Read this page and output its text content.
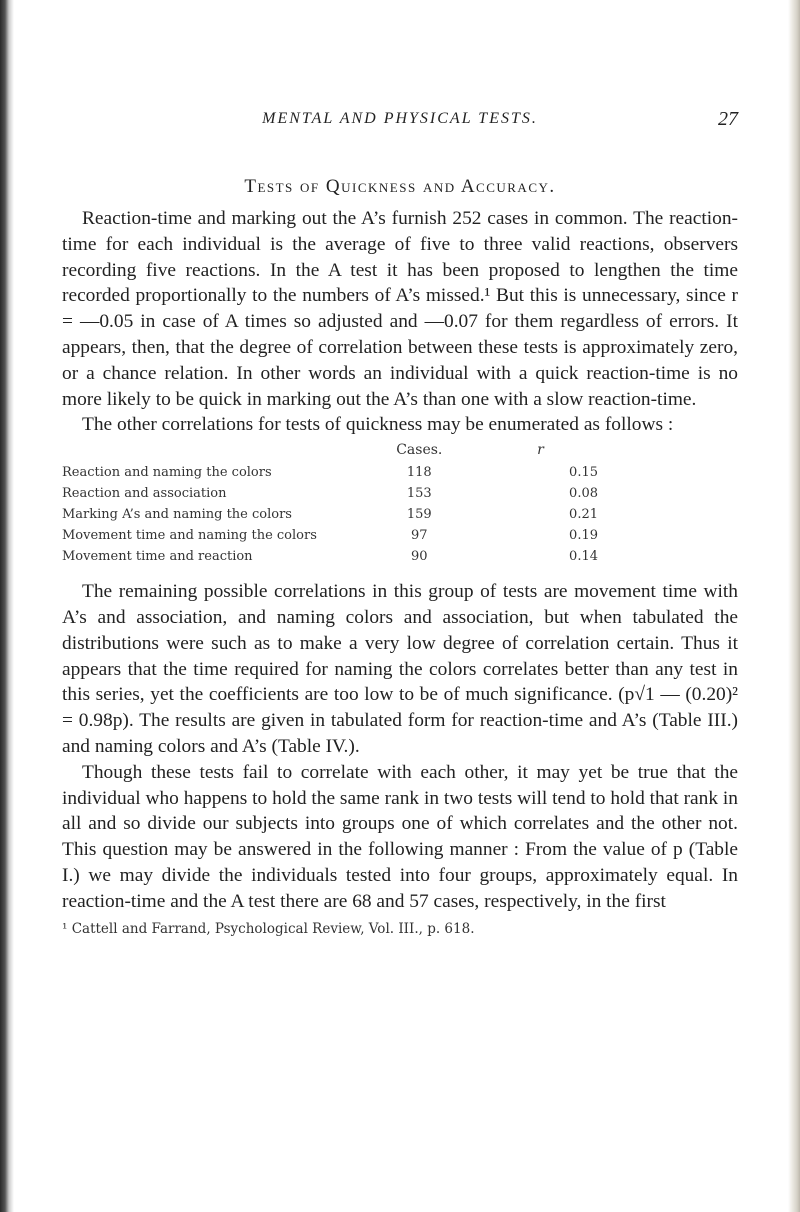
MENTAL AND PHYSICAL TESTS.	27
Tests of Quickness and Accuracy.

Reaction-time and marking out the A’s furnish 252 cases in common. The reaction-time for each individual is the average of five to three valid reactions, observers recording five reactions. In the A test it has been proposed to lengthen the time recorded proportionally to the numbers of A’s missed.¹ But this is unnecessary, since r = —0.05 in case of A times so adjusted and —0.07 for them regardless of errors. It appears, then, that the degree of correlation between these tests is approximately zero, or a chance relation. In other words an individual with a quick reaction-time is no more likely to be quick in marking out the A’s than one with a slow reaction-time.

The other correlations for tests of quickness may be enumerated as follows :

	Cases.	r
Reaction and naming the colors	118	0.15
Reaction and association	153	0.08
Marking A’s and naming the colors	159	0.21
Movement time and naming the colors	97	0.19
Movement time and reaction	90	0.14

The remaining possible correlations in this group of tests are movement time with A’s and association, and naming colors and association, but when tabulated the distributions were such as to make a very low degree of correlation certain. Thus it appears that the time required for naming the colors correlates better than any test in this series, yet the coefficients are too low to be of much significance. (p√1 — (0.20)² = 0.98p). The results are given in tabulated form for reaction-time and A’s (Table III.) and naming colors and A’s (Table IV.).

Though these tests fail to correlate with each other, it may yet be true that the individual who happens to hold the same rank in two tests will tend to hold that rank in all and so divide our subjects into groups one of which correlates and the other not. This question may be answered in the following manner : From the value of p (Table I.) we may divide the individuals tested into four groups, approximately equal. In reaction-time and the A test there are 68 and 57 cases, respectively, in the first

¹ Cattell and Farrand, Psychological Review, Vol. III., p. 618.
